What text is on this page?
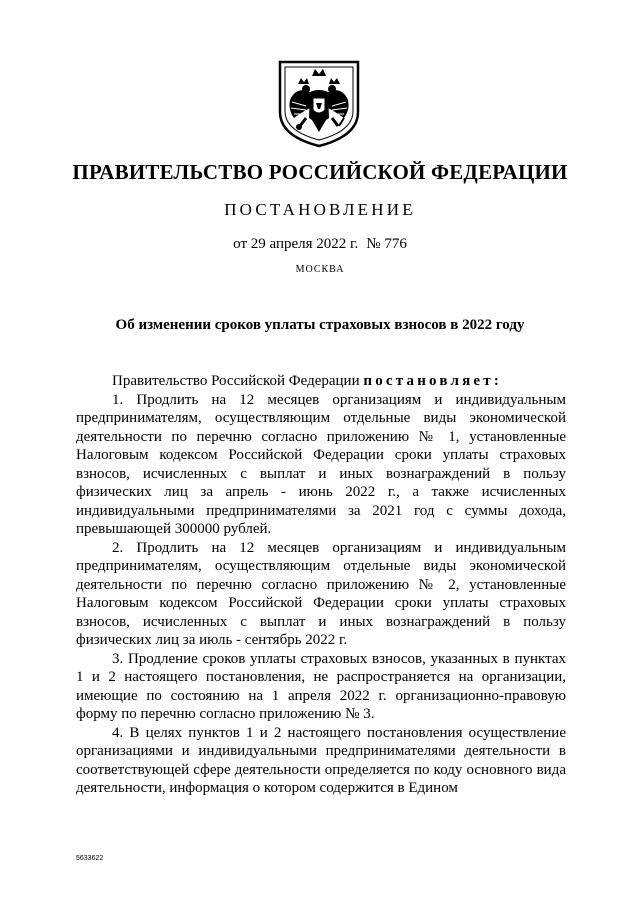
ПРАВИТЕЛЬСТВО РОССИЙСКОЙ ФЕДЕРАЦИИ
ПОСТАНОВЛЕНИЕ
от 29 апреля 2022 г. № 776
МОСКВА
Об изменении сроков уплаты страховых взносов в 2022 году

Правительство Российской Федерации постановляет:

1. Продлить на 12 месяцев организациям и индивидуальным предпринимателям, осуществляющим отдельные виды экономической деятельности по перечню согласно приложению № 1, установленные Налоговым кодексом Российской Федерации сроки уплаты страховых взносов, исчисленных с выплат и иных вознаграждений в пользу физических лиц за апрель - июнь 2022 г., а также исчисленных индивидуальными предпринимателями за 2021 год с суммы дохода, превышающей 300000 рублей.

2. Продлить на 12 месяцев организациям и индивидуальным предпринимателям, осуществляющим отдельные виды экономической деятельности по перечню согласно приложению № 2, установленные Налоговым кодексом Российской Федерации сроки уплаты страховых взносов, исчисленных с выплат и иных вознаграждений в пользу физических лиц за июль - сентябрь 2022 г.

3. Продление сроков уплаты страховых взносов, указанных в пунктах 1 и 2 настоящего постановления, не распространяется на организации, имеющие по состоянию на 1 апреля 2022 г. организационно-правовую форму по перечню согласно приложению № 3.

4. В целях пунктов 1 и 2 настоящего постановления осуществление организациями и индивидуальными предпринимателями деятельности в соответствующей сфере деятельности определяется по коду основного вида деятельности, информация о котором содержится в Едином

5633622
